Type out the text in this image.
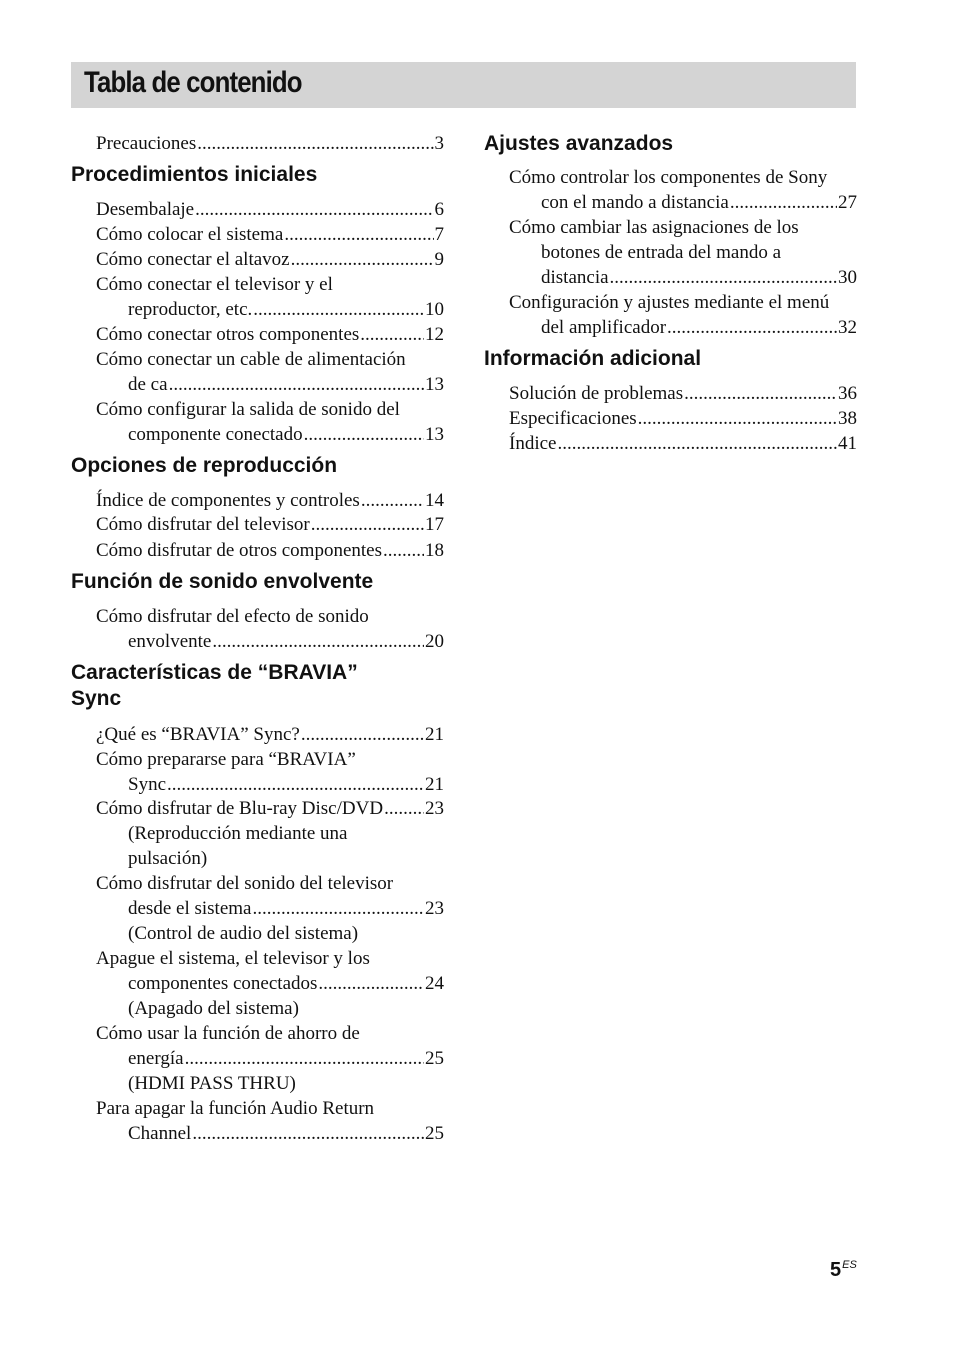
Tabla de contenido
Precauciones .....	3
Procedimientos iniciales
Desembalaje .....	6
Cómo colocar el sistema .....	7
Cómo conectar el altavoz .....	9
Cómo conectar el televisor y el
reproductor, etc. .....	10
Cómo conectar otros componentes .....	12
Cómo conectar un cable de alimentación
de ca .....	13
Cómo configurar la salida de sonido del
componente conectado .....	13
Opciones de reproducción
Índice de componentes y controles .....	14
Cómo disfrutar del televisor .....	17
Cómo disfrutar de otros componentes ..... 18
Función de sonido envolvente
Cómo disfrutar del efecto de sonido
envolvente .....	20
Características de “BRAVIA”
Sync
¿Qué es “BRAVIA” Sync? .....	21
Cómo prepararse para “BRAVIA”
Sync .....	21
Cómo disfrutar de Blu-ray Disc/DVD ..... 23
(Reproducción mediante una
pulsación)
Cómo disfrutar del sonido del televisor
desde el sistema .....	23
(Control de audio del sistema)
Apague el sistema, el televisor y los
componentes conectados .....	24
(Apagado del sistema)
Cómo usar la función de ahorro de
energía .....	25
(HDMI PASS THRU)
Para apagar la función Audio Return
Channel .....	25
Ajustes avanzados
Cómo controlar los componentes de Sony
con el mando a distancia .....	27
Cómo cambiar las asignaciones de los
botones de entrada del mando a
distancia .....	30
Configuración y ajustes mediante el menú
del amplificador .....	32
Información adicional
Solución de problemas .....	36
Especificaciones .....	38
Índice .....	41
$5^{ES}$
